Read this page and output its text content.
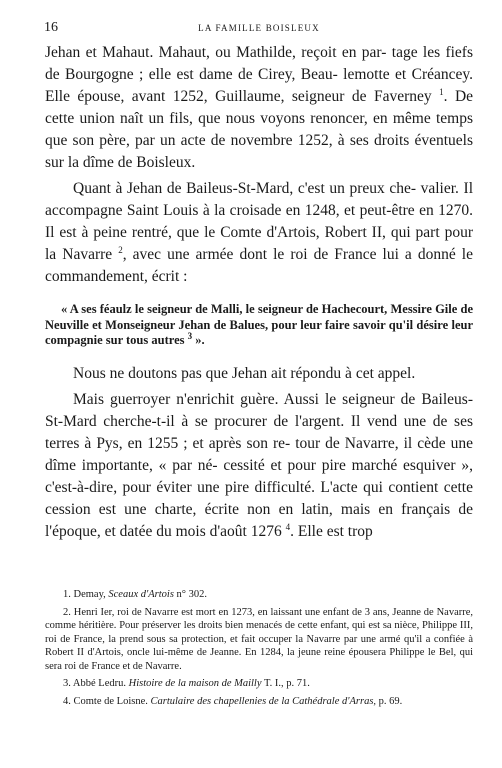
16	LA FAMILLE BOISLEUX

Jehan et Mahaut. Mahaut, ou Mathilde, reçoit en par- tage les fiefs de Bourgogne ; elle est dame de Cirey, Beau- lemotte et Créancey. Elle épouse, avant 1252, Guillaume, seigneur de Faverney $^1$. De cette union naît un fils, que nous voyons renoncer, en même temps que son père, par un acte de novembre 1252, à ses droits éventuels sur la dîme de Boisleux.

Quant à Jehan de Baileus-St-Mard, c'est un preux che- valier. Il accompagne Saint Louis à la croisade en 1248, et peut-être en 1270. Il est à peine rentré, que le Comte d'Artois, Robert II, qui part pour la Navarre $^2$, avec une armée dont le roi de France lui a donné le commandement, écrit :

« A ses féaulz le seigneur de Malli, le seigneur de Hachecourt, Messire Gile de Neuville et Monseigneur Jehan de Balues, pour leur faire savoir qu'il désire leur compagnie sur tous autres $^3$ ».

Nous ne doutons pas que Jehan ait répondu à cet appel.

Mais guerroyer n'enrichit guère. Aussi le seigneur de Baileus-St-Mard cherche-t-il à se procurer de l'argent. Il vend une de ses terres à Pys, en 1255 ; et après son re- tour de Navarre, il cède une dîme importante, « par né- cessité et pour pire marché esquiver », c'est-à-dire, pour éviter une pire difficulté. L'acte qui contient cette cession est une charte, écrite non en latin, mais en français de l'époque, et datée du mois d'août 1276 $^4$. Elle est trop

1. Demay, Sceaux d'Artois n° 302.

2. Henri Ier, roi de Navarre est mort en 1273, en laissant une enfant de 3 ans, Jeanne de Navarre, comme héritière. Pour préserver les droits bien menacés de cette enfant, qui est sa nièce, Philippe III, roi de France, la prend sous sa protection, et fait occuper la Navarre par une armé qu'il a confiée à Robert II d'Artois, oncle lui-même de Jeanne. En 1284, la jeune reine épousera Philippe le Bel, qui sera roi de France et de Navarre.

3. Abbé Ledru. Histoire de la maison de Mailly T. I., p. 71.

4. Comte de Loisne. Cartulaire des chapellenies de la Cathédrale d'Arras, p. 69.
